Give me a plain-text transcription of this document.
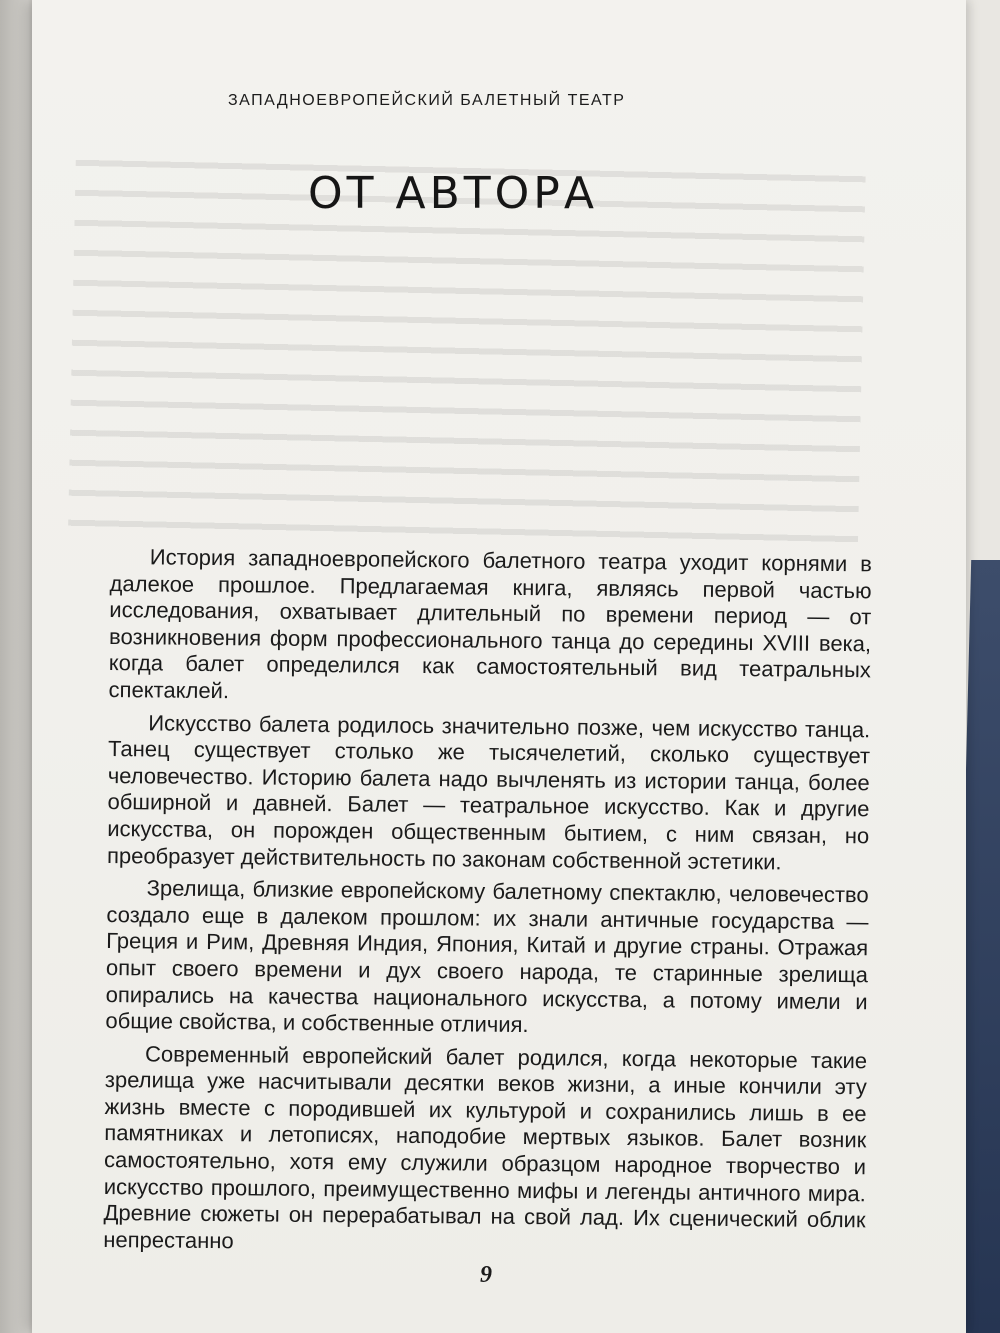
ЗАПАДНОЕВРОПЕЙСКИЙ БАЛЕТНЫЙ ТЕАТР
ОТ АВТОРА

История западноевропейского балетного театра уходит корнями в далекое прошлое. Предлагаемая книга, являясь первой частью исследования, охватывает длительный по времени период — от возникновения форм профессионального танца до середины XVIII века, когда балет определился как самостоятельный вид театральных спектаклей.

Искусство балета родилось значительно позже, чем искусство танца. Танец существует столько же тысячелетий, сколько существует человечество. Историю балета надо вычленять из истории танца, более обширной и давней. Балет — театральное искусство. Как и другие искусства, он порожден общественным бытием, с ним связан, но преобразует действительность по законам собственной эстетики.

Зрелища, близкие европейскому балетному спектаклю, человечество создало еще в далеком прошлом: их знали античные государства — Греция и Рим, Древняя Индия, Япония, Китай и другие страны. Отражая опыт своего времени и дух своего народа, те старинные зрелища опирались на качества национального искусства, а потому имели и общие свойства, и собственные отличия.

Современный европейский балет родился, когда некоторые такие зрелища уже насчитывали десятки веков жизни, а иные кончили эту жизнь вместе с породившей их культурой и сохранились лишь в ее памятниках и летописях, наподобие мертвых языков. Балет возник самостоятельно, хотя ему служили образцом народное творчество и искусство прошлого, преимущественно мифы и легенды античного мира. Древние сюжеты он перерабатывал на свой лад. Их сценический облик непрестанно

9
